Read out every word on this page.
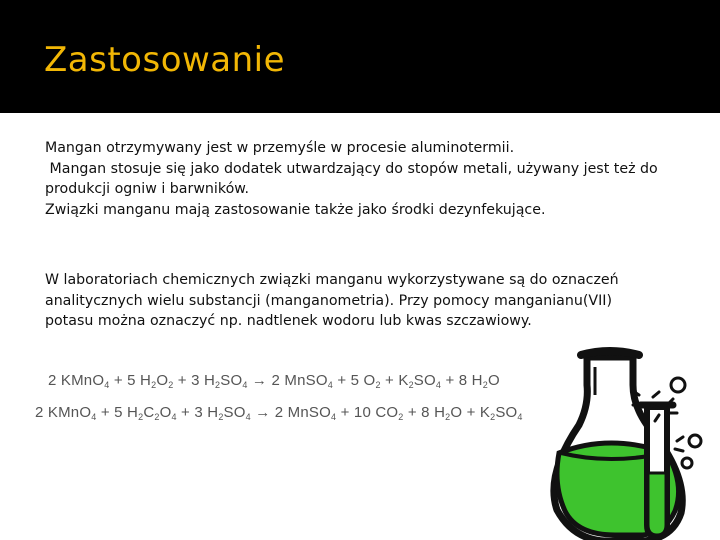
Zastosowanie
Mangan otrzymywany jest w przemyśle w procesie aluminotermii.
Mangan stosuje się jako dodatek utwardzający do stopów metali, używany jest też do
produkcji ogniw i barwników.
Związki manganu mają zastosowanie także jako środki dezynfekujące.
W laboratoriach chemicznych związki manganu wykorzystywane są do oznaczeń
analitycznych wielu substancji (manganometria). Przy pomocy manganianu(VII)
potasu można oznaczyć np. nadtlenek wodoru lub kwas szczawiowy.
2 KMnO$_4$ + 5 $H_2O_2 + 3$ $H_2SO_4 \to 2$ MnSO$_4$ + 5 $O_2 + K_2SO_4 + 8$ $H_2O$
2 KMnO$_4$ + 5 $H_2C_2O_4 + 3$ $H_2SO_4 \to 2$ MnSO$_4$ + 10 $CO_2 + 8$ $H_2O + K_2SO_4$
